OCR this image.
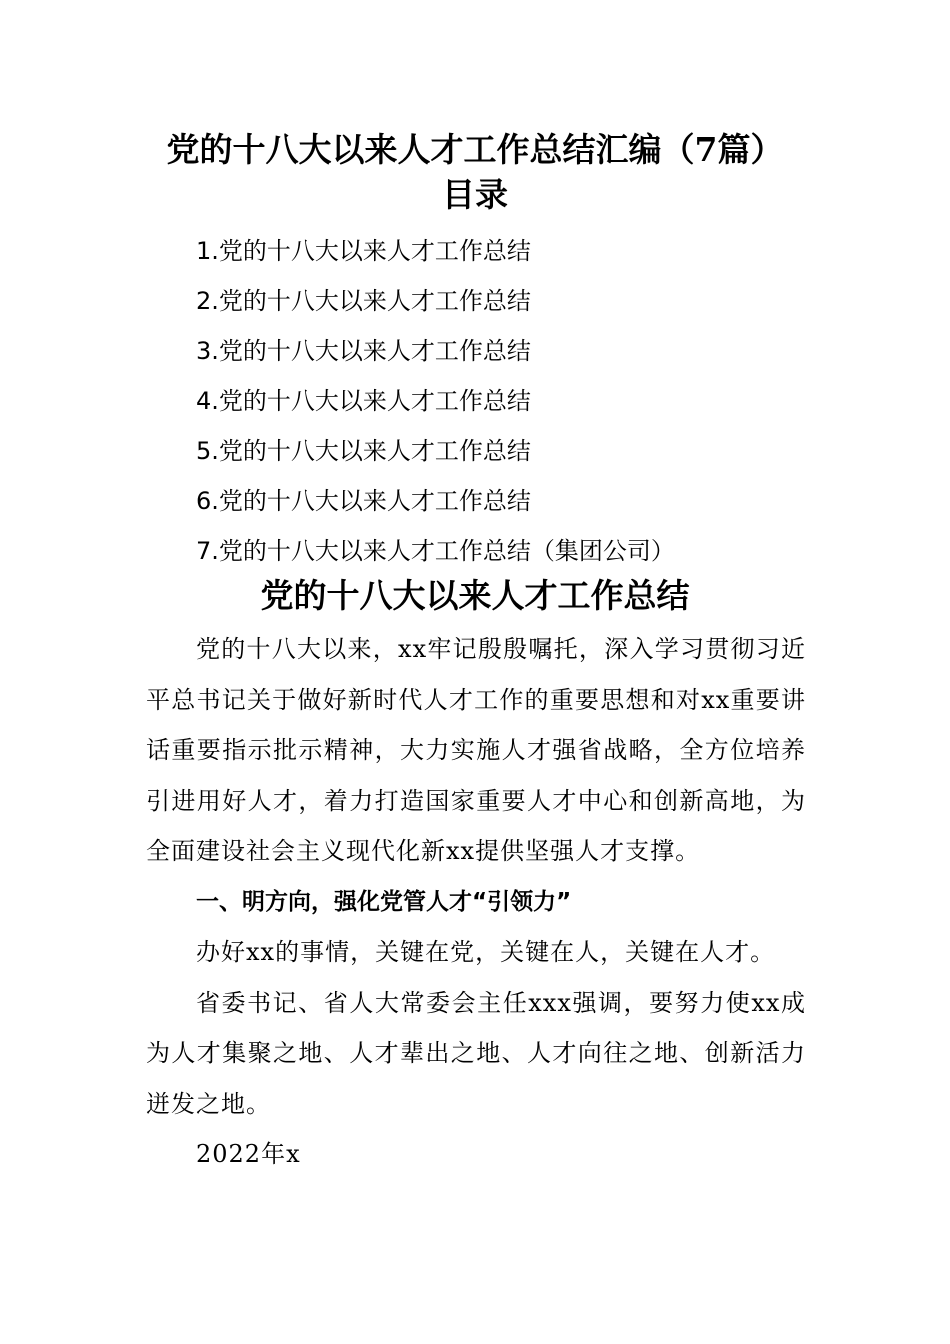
党的十八大以来人才工作总结汇编（7篇）
目录
1.党的十八大以来人才工作总结
2.党的十八大以来人才工作总结
3.党的十八大以来人才工作总结
4.党的十八大以来人才工作总结
5.党的十八大以来人才工作总结
6.党的十八大以来人才工作总结
7.党的十八大以来人才工作总结（集团公司）
党的十八大以来人才工作总结

党的十八大以来，xx牢记殷殷嘱托，深入学习贯彻习近平总书记关于做好新时代人才工作的重要思想和对xx重要讲话重要指示批示精神，大力实施人才强省战略，全方位培养引进用好人才，着力打造国家重要人才中心和创新高地，为全面建设社会主义现代化新xx提供坚强人才支撑。

一、明方向，强化党管人才“引领力”

办好xx的事情，关键在党，关键在人，关键在人才。

省委书记、省人大常委会主任xxx强调，要努力使xx成为人才集聚之地、人才辈出之地、人才向往之地、创新活力迸发之地。

2022年x
